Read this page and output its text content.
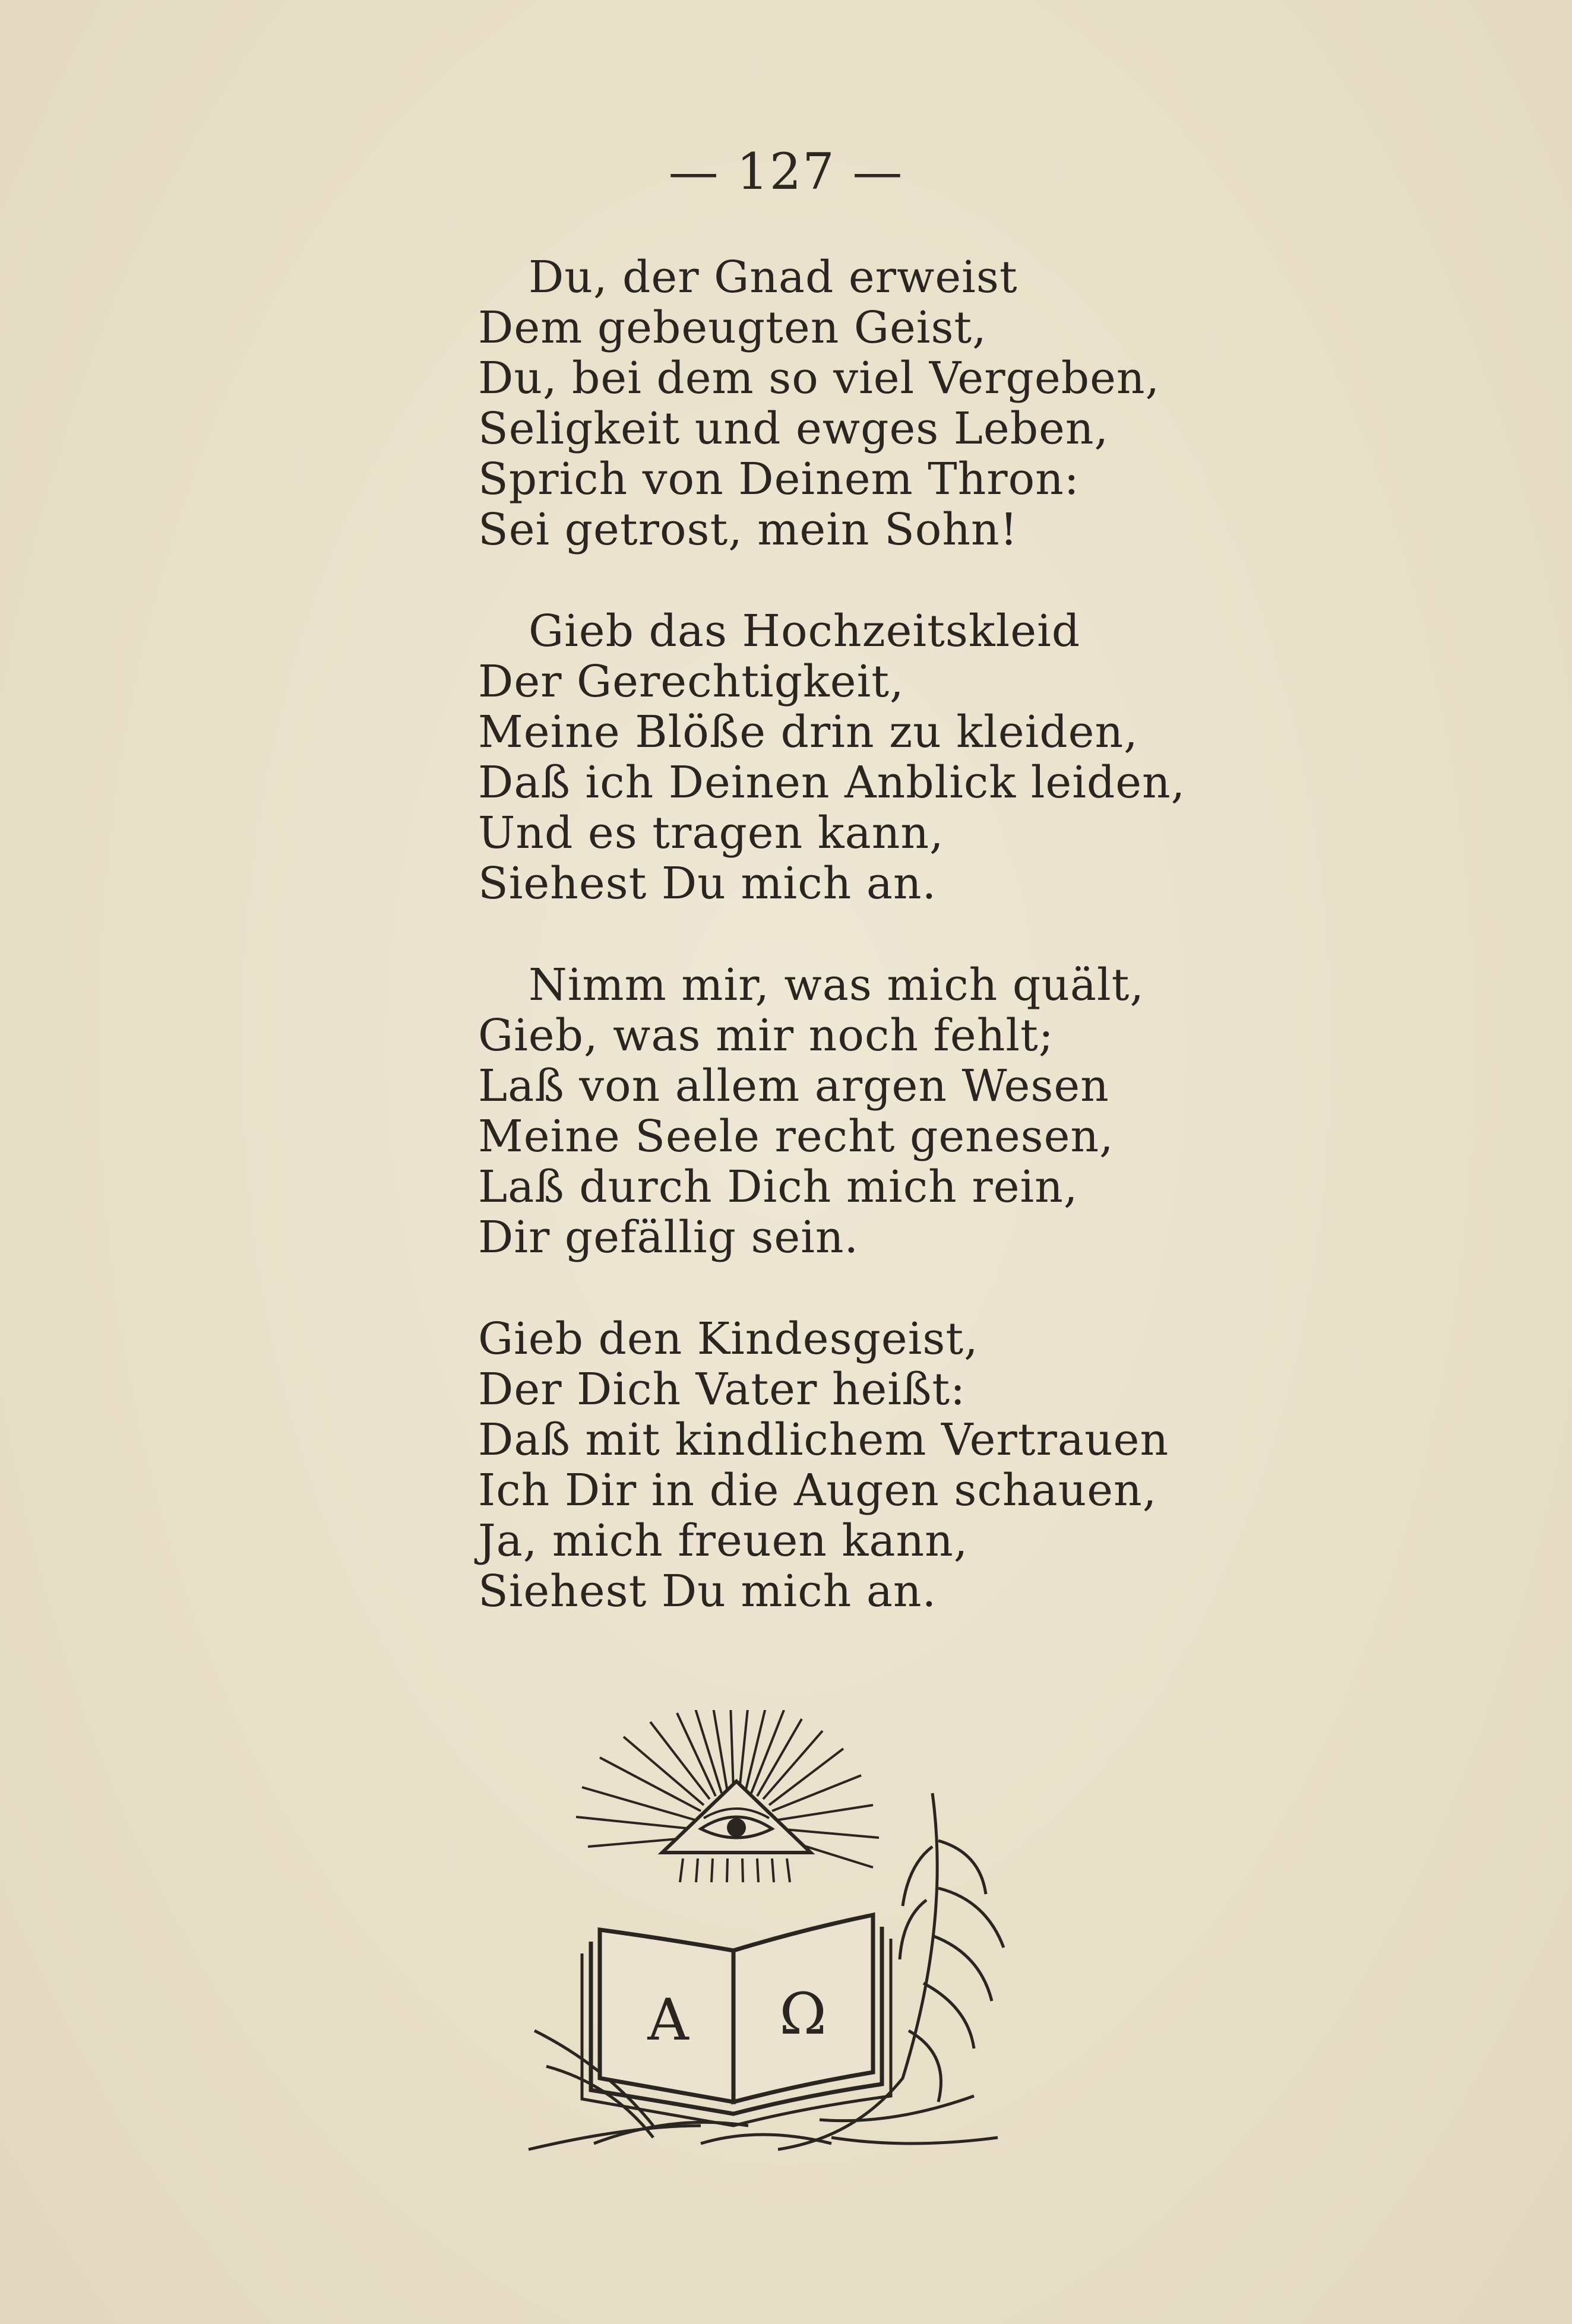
— 127 —
Du, der Gnad erweist
Dem gebeugten Geist,
Du, bei dem so viel Vergeben,
Seligkeit und ewges Leben,
Sprich von Deinem Thron:
Sei getrost, mein Sohn!
Gieb das Hochzeitskleid
Der Gerechtigkeit,
Meine Blöße drin zu kleiden,
Daß ich Deinen Anblick leiden,
Und es tragen kann,
Siehest Du mich an.
Nimm mir, was mich quält,
Gieb, was mir noch fehlt;
Laß von allem argen Wesen
Meine Seele recht genesen,
Laß durch Dich mich rein,
Dir gefällig sein.
Gieb den Kindesgeist,
Der Dich Vater heißt:
Daß mit kindlichem Vertrauen
Ich Dir in die Augen schauen,
Ja, mich freuen kann,
Siehest Du mich an.
A Ω
